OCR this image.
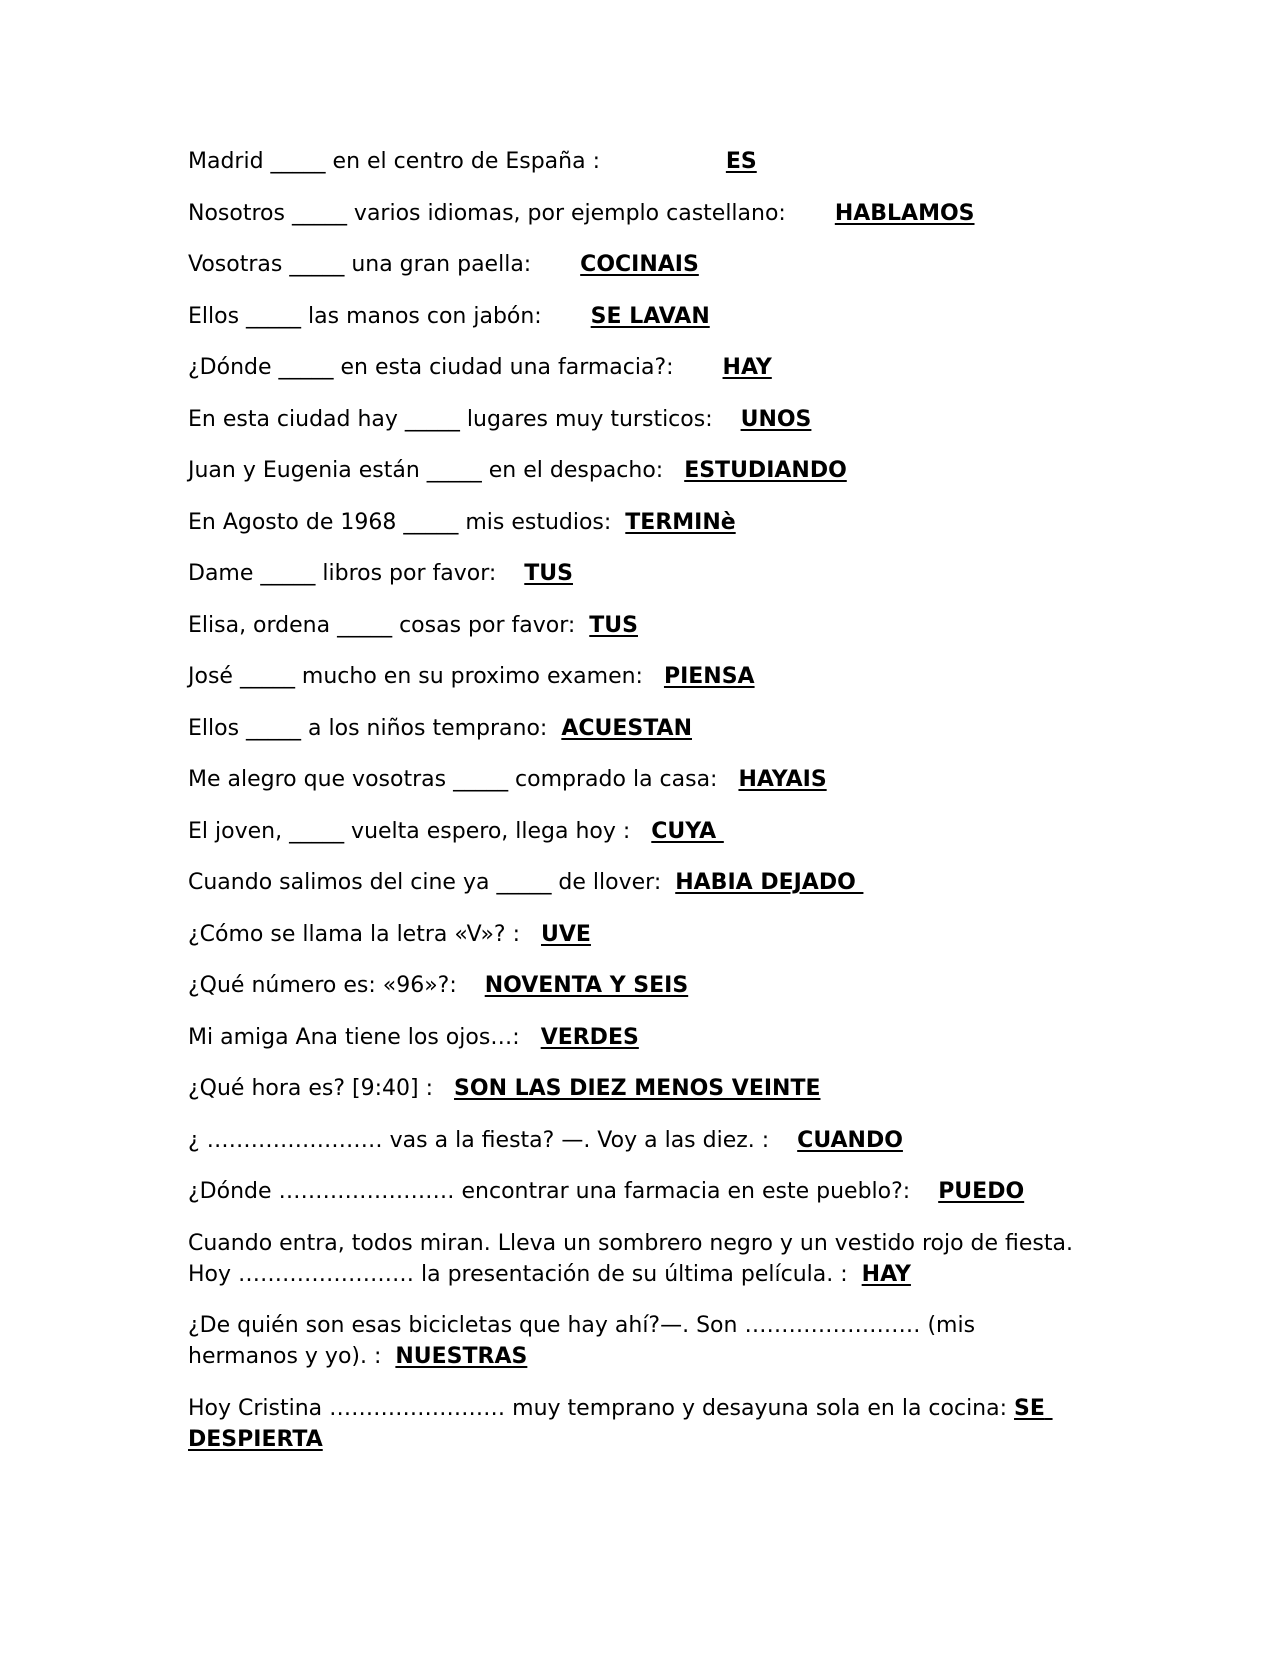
Madrid _____ en el centro de España :                  ES

Nosotros _____ varios idiomas, por ejemplo castellano:       HABLAMOS

Vosotras _____ una gran paella:       COCINAIS

Ellos _____ las manos con jabón:       SE LAVAN

¿Dónde _____ en esta ciudad una farmacia?:       HAY

En esta ciudad hay _____ lugares muy tursticos:    UNOS

Juan y Eugenia están _____ en el despacho:   ESTUDIANDO

En Agosto de 1968 _____ mis estudios:  TERMINè

Dame _____ libros por favor:    TUS

Elisa, ordena _____ cosas por favor:  TUS

José _____ mucho en su proximo examen:   PIENSA

Ellos _____ a los niños temprano:  ACUESTAN

Me alegro que vosotras _____ comprado la casa:   HAYAIS

El joven, _____ vuelta espero, llega hoy :   CUYA

Cuando salimos del cine ya _____ de llover:  HABIA DEJADO

¿Cómo se llama la letra «V»? :   UVE

¿Qué número es: «96»?:    NOVENTA Y SEIS

Mi amiga Ana tiene los ojos…:   VERDES

¿Qué hora es? [9:40] :   SON LAS DIEZ MENOS VEINTE

¿ …………………… vas a la fiesta? —. Voy a las diez. :    CUANDO

¿Dónde …………………… encontrar una farmacia en este pueblo?:    PUEDO

Cuando entra, todos miran. Lleva un sombrero negro y un vestido rojo de fiesta. Hoy …………………… la presentación de su última película. :  HAY

¿De quién son esas bicicletas que hay ahí?—. Son …………………… (mis hermanos y yo). :  NUESTRAS

Hoy Cristina …………………… muy temprano y desayuna sola en la cocina: SE DESPIERTA
